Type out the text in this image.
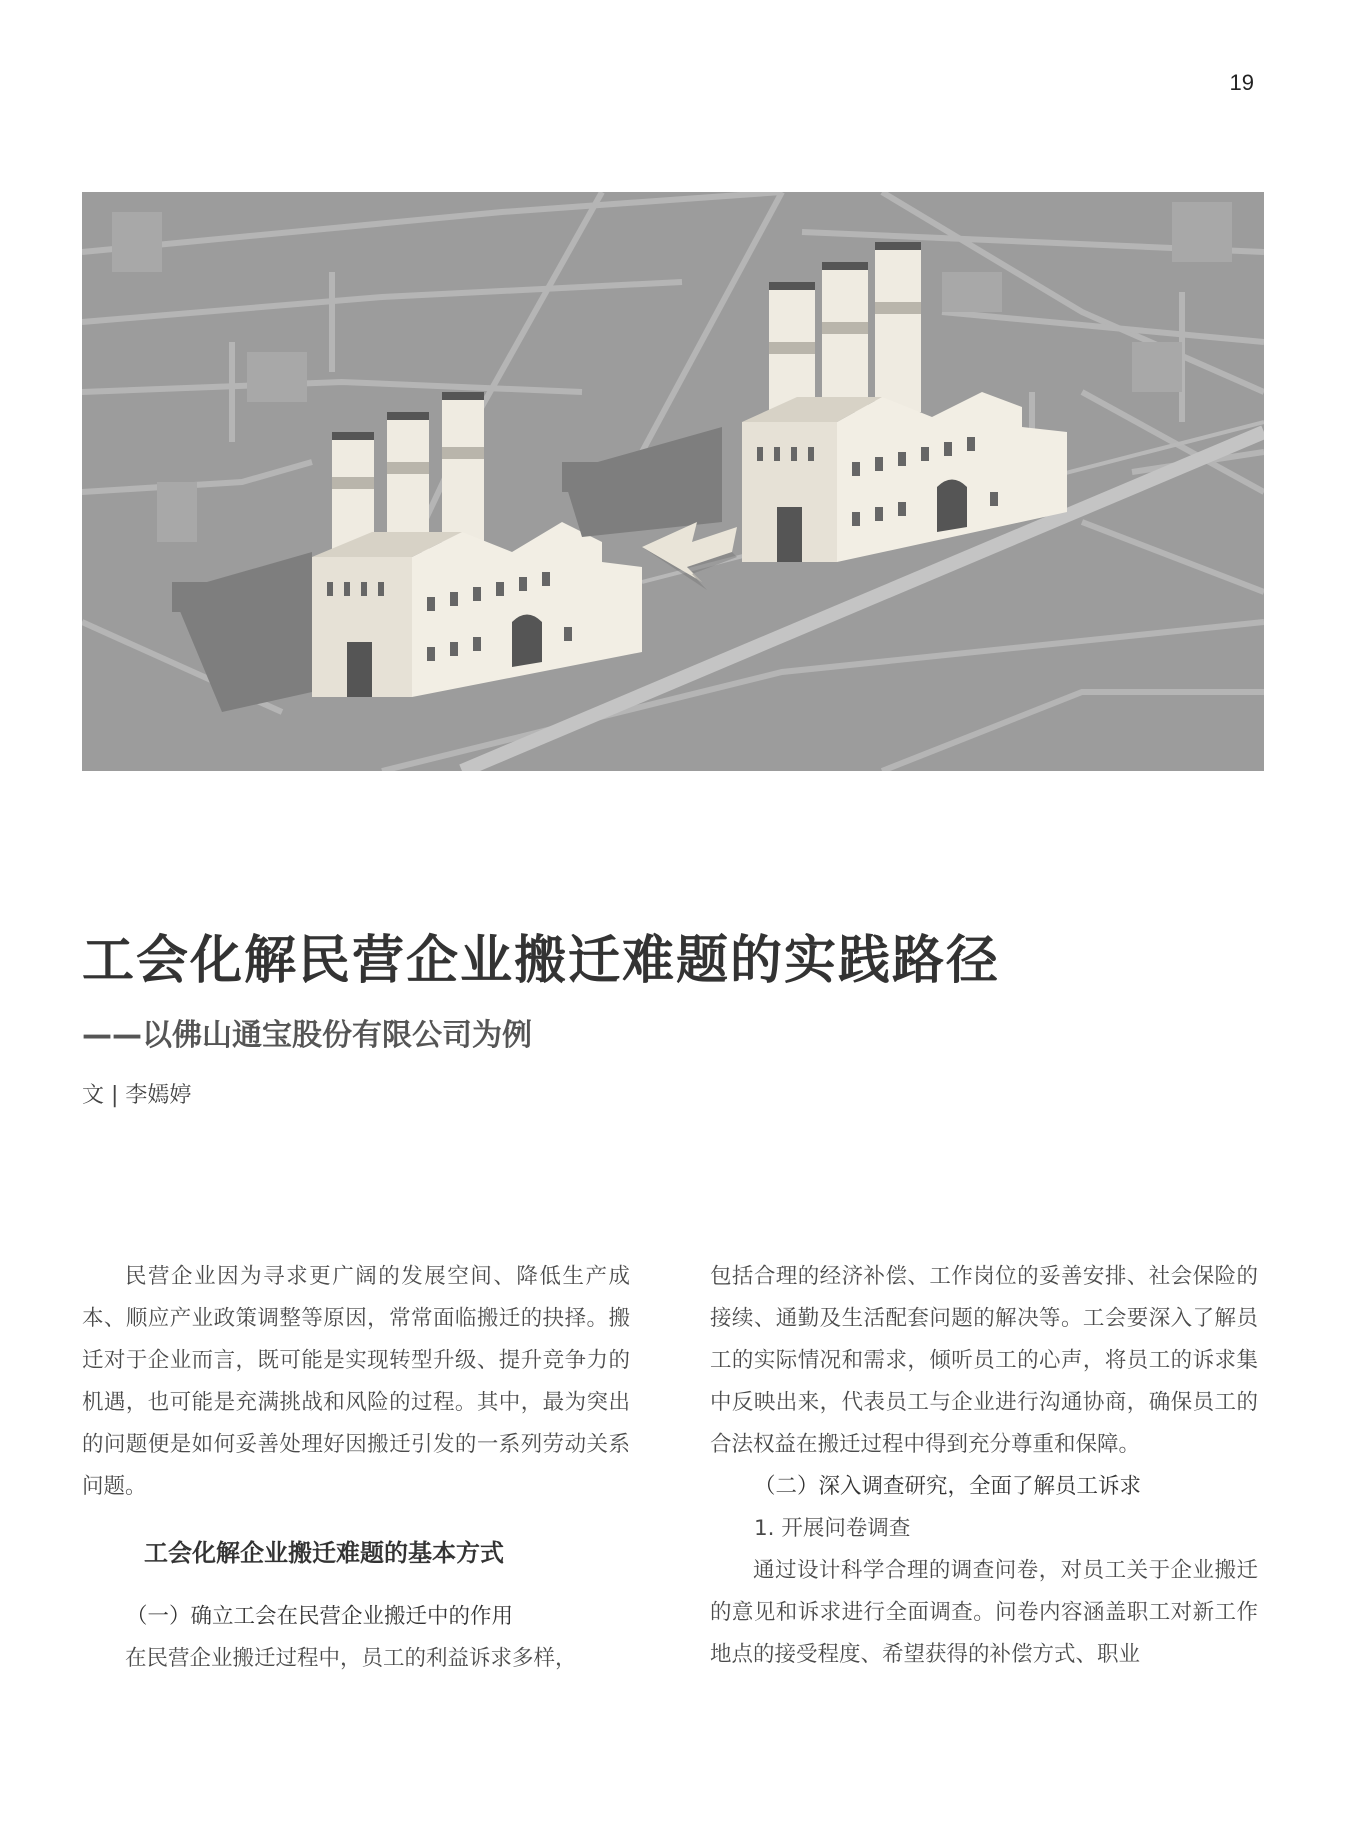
19
工会化解民营企业搬迁难题的实践路径
——以佛山通宝股份有限公司为例
文 | 李嫣婷

民营企业因为寻求更广阔的发展空间、降低生产成本、顺应产业政策调整等原因，常常面临搬迁的抉择。搬迁对于企业而言，既可能是实现转型升级、提升竞争力的机遇，也可能是充满挑战和风险的过程。其中，最为突出的问题便是如何妥善处理好因搬迁引发的一系列劳动关系问题。

工会化解企业搬迁难题的基本方式

（一）确立工会在民营企业搬迁中的作用

在民营企业搬迁过程中，员工的利益诉求多样，

包括合理的经济补偿、工作岗位的妥善安排、社会保险的接续、通勤及生活配套问题的解决等。工会要深入了解员工的实际情况和需求，倾听员工的心声，将员工的诉求集中反映出来，代表员工与企业进行沟通协商，确保员工的合法权益在搬迁过程中得到充分尊重和保障。

（二）深入调查研究，全面了解员工诉求

1. 开展问卷调查

通过设计科学合理的调查问卷，对员工关于企业搬迁的意见和诉求进行全面调查。问卷内容涵盖职工对新工作地点的接受程度、希望获得的补偿方式、职业
